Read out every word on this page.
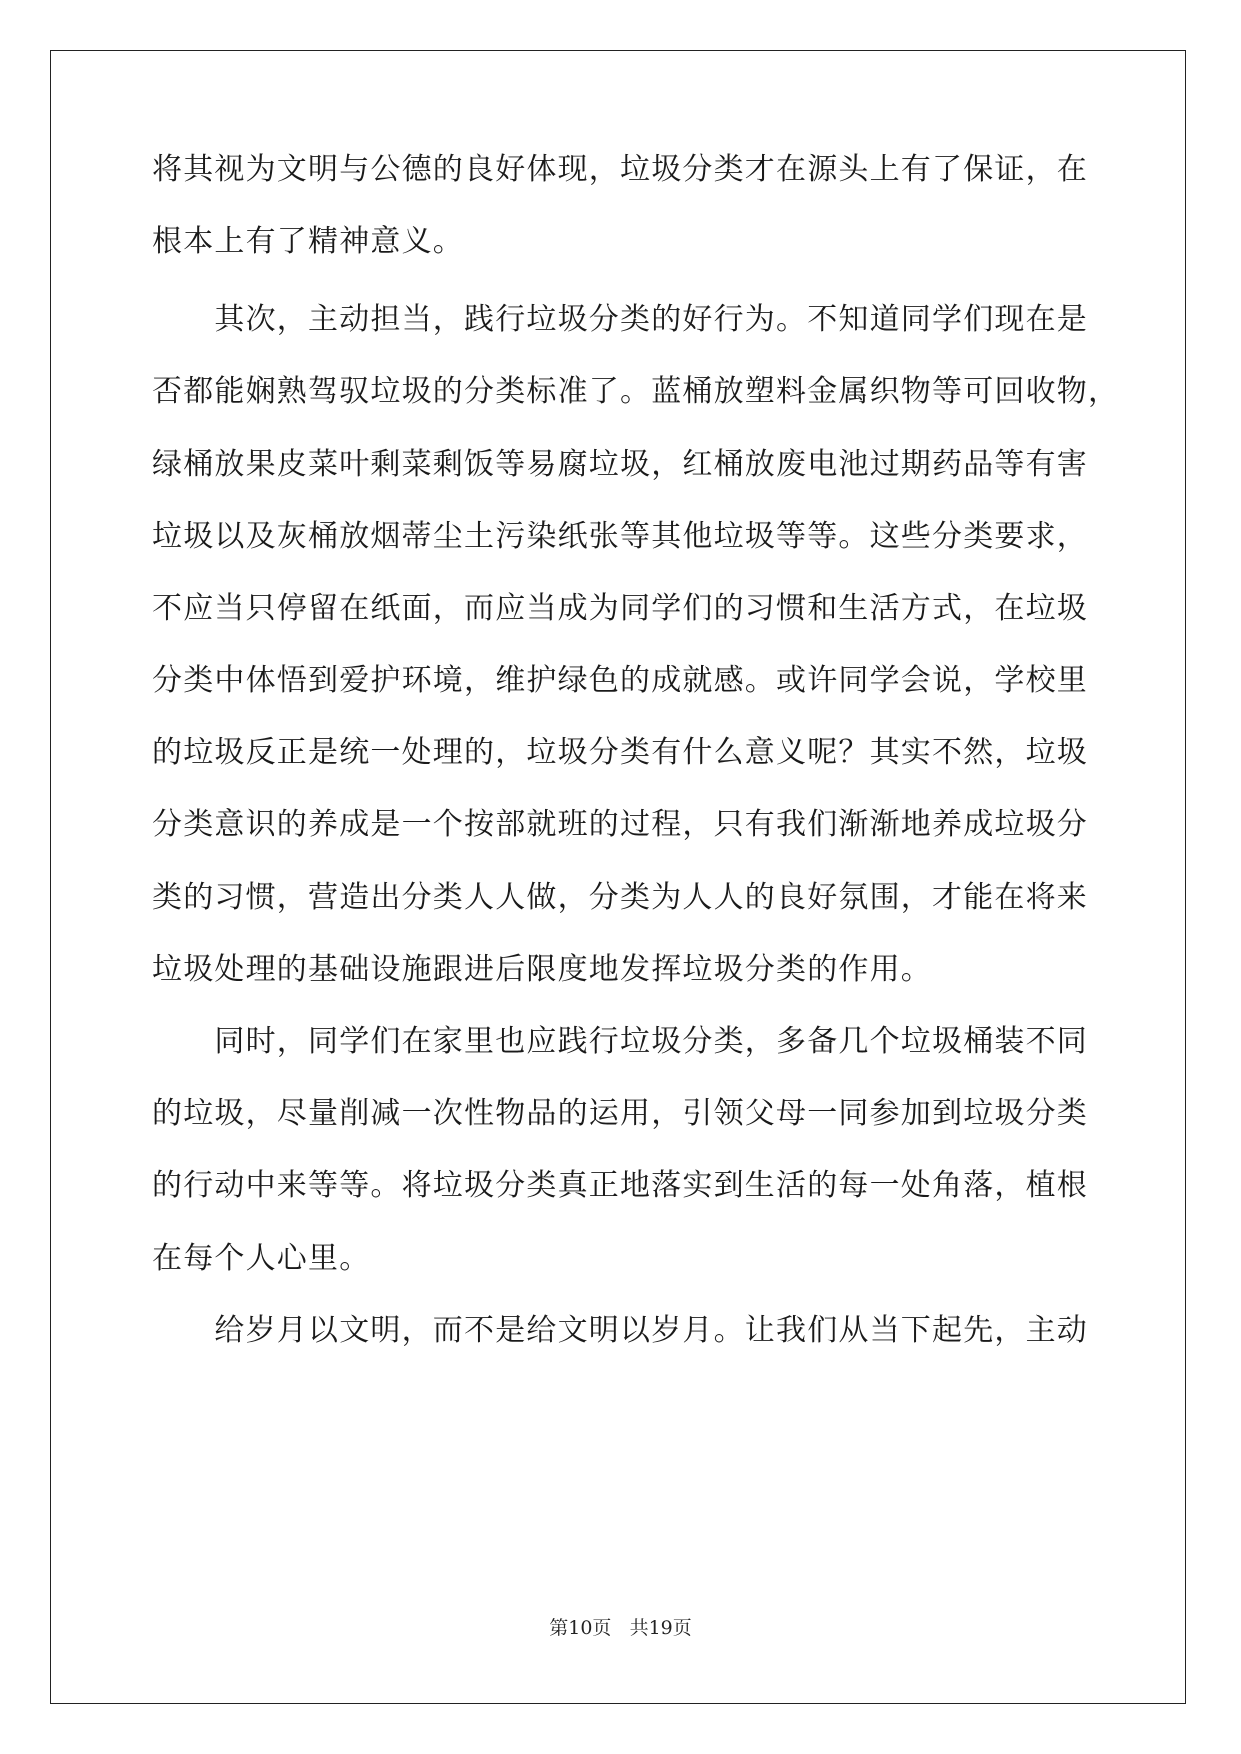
将其视为文明与公德的良好体现，垃圾分类才在源头上有了保证，在
根本上有了精神意义。
　　其次，主动担当，践行垃圾分类的好行为。不知道同学们现在是
否都能娴熟驾驭垃圾的分类标准了。蓝桶放塑料金属织物等可回收物，
绿桶放果皮菜叶剩菜剩饭等易腐垃圾，红桶放废电池过期药品等有害
垃圾以及灰桶放烟蒂尘土污染纸张等其他垃圾等等。这些分类要求，
不应当只停留在纸面，而应当成为同学们的习惯和生活方式，在垃圾
分类中体悟到爱护环境，维护绿色的成就感。或许同学会说，学校里
的垃圾反正是统一处理的，垃圾分类有什么意义呢？其实不然，垃圾
分类意识的养成是一个按部就班的过程，只有我们渐渐地养成垃圾分
类的习惯，营造出分类人人做，分类为人人的良好氛围，才能在将来
垃圾处理的基础设施跟进后限度地发挥垃圾分类的作用。
　　同时，同学们在家里也应践行垃圾分类，多备几个垃圾桶装不同
的垃圾，尽量削减一次性物品的运用，引领父母一同参加到垃圾分类
的行动中来等等。将垃圾分类真正地落实到生活的每一处角落，植根
在每个人心里。
　　给岁月以文明，而不是给文明以岁月。让我们从当下起先，主动
第10页 共19页
